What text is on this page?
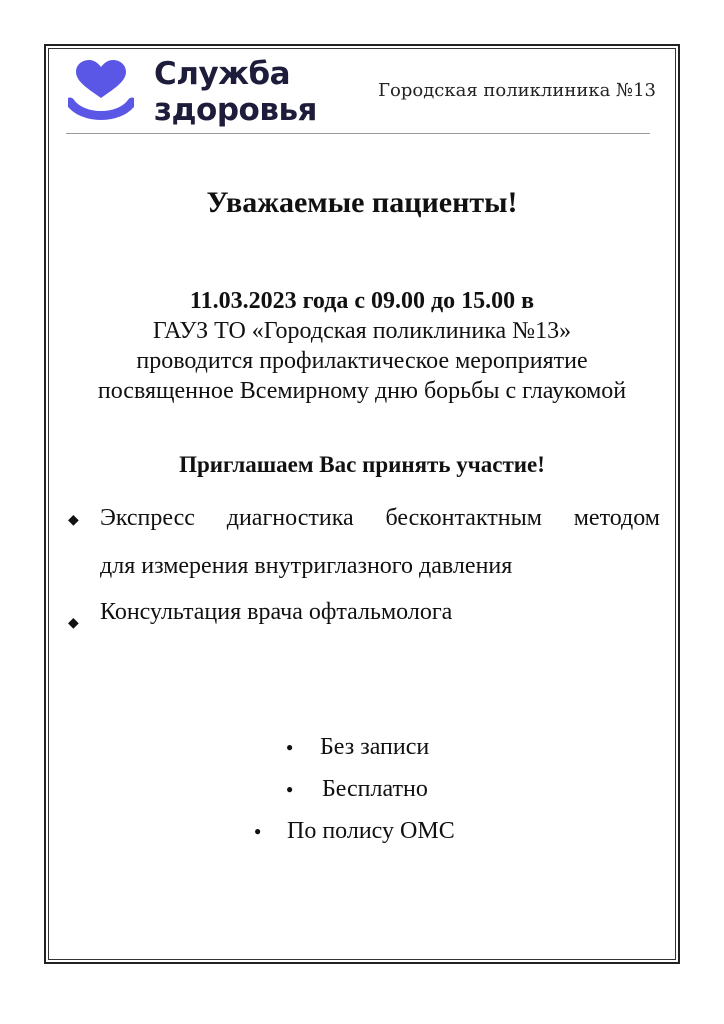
Служба
здоровья
Городская поликлиника №13
Уважаемые пациенты!
11.03.2023 года с 09.00 до 15.00 в
ГАУЗ ТО «Городская поликлиника №13»
проводится профилактическое мероприятие
посвященное Всемирному дню борьбы с глаукомой
Приглашаем Вас принять участие!
◆ Экспресс диагностика бесконтактным методом
для измерения внутриглазного давления
◆ Консультация врача офтальмолога
● Без записи
● Бесплатно
● По полису ОМС
